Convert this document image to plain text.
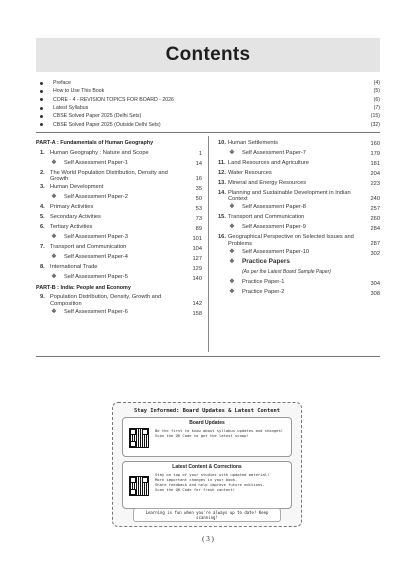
Contents
Preface	(4)
How to Use This Book	(5)
CORE - 4 - REVISION TOPICS FOR BOARD - 2026	(6)
Latest Syllabus	(7)
CBSE Solved Paper 2025 (Delhi Sets)	(15)
CBSE Solved Paper 2025 (Outside Delhi Sets)	(32)
PART-A : Fundamentals of Human Geography
1. Human Geography : Nature and Scope	1
❖	Self Assessment Paper-1	14
2. The World Population Distribution, Density and Growth	16
3. Human Development	35
❖	Self Assessment Paper-2	50
4. Primary Activities	53
5. Secondary Activities	73
6. Tertiary Activities	89
❖	Self Assessment Paper-3	101
7. Transport and Communication	104
❖	Self Assessment Paper-4	127
8. International Trade	129
❖	Self Assessment Paper-5	140
PART-B : India: People and Economy
9. Population Distribution, Density, Growth and Composition	142
❖	Self Assessment Paper-6	158
10. Human Settlements	160
❖	Self Assessment Paper-7	179
11. Land Resources and Agriculture	181
12. Water Resources	204
13. Mineral and Energy Resources	223
14. Planning and Sustainable Development in Indian Context	240
❖	Self Assessment Paper-8	257
15. Transport and Communication	260
❖	Self Assessment Paper-9	284
16. Geographical Perspective on Selected Issues and Problems	287
❖	Self Assessment Paper-10	302
❖	Practice Papers
(As per the Latest Board Sample Paper)
❖	Practice Paper-1	304
❖	Practice Paper-2	308
Stay Informed: Board Updates & Latest Content
Board Updates
Be the first to know about syllabus updates and changes!
Scan the QR Code to get the latest scoop!
Latest Content & Corrections
Stay on top of your studies with updated material!
More important changes in your book.
Share feedback and help improve future editions.
Scan the QR Code for fresh content!
Learning is fun when you're always up to date! Keep scanning!
( 3 )
